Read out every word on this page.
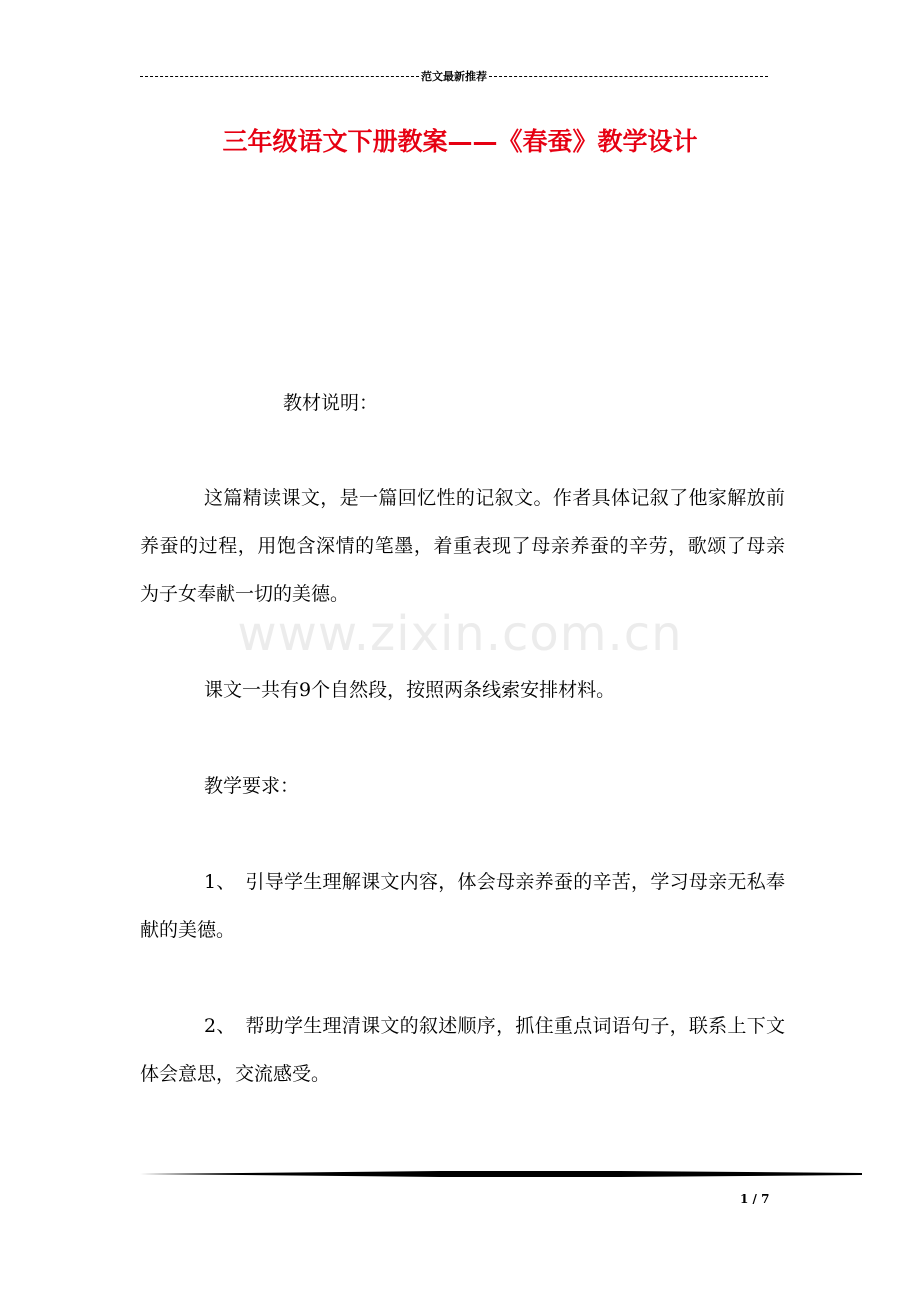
范文最新推荐
三年级语文下册教案——《春蚕》教学设计
www.zixin.com.cn

教材说明：

这篇精读课文，是一篇回忆性的记叙文。作者具体记叙了他家解放前养蚕的过程，用饱含深情的笔墨，着重表现了母亲养蚕的辛劳，歌颂了母亲为子女奉献一切的美德。

课文一共有9个自然段，按照两条线索安排材料。

教学要求：

1、　引导学生理解课文内容，体会母亲养蚕的辛苦，学习母亲无私奉献的美德。

2、　帮助学生理清课文的叙述顺序，抓住重点词语句子，联系上下文体会意思，交流感受。

1 / 7
